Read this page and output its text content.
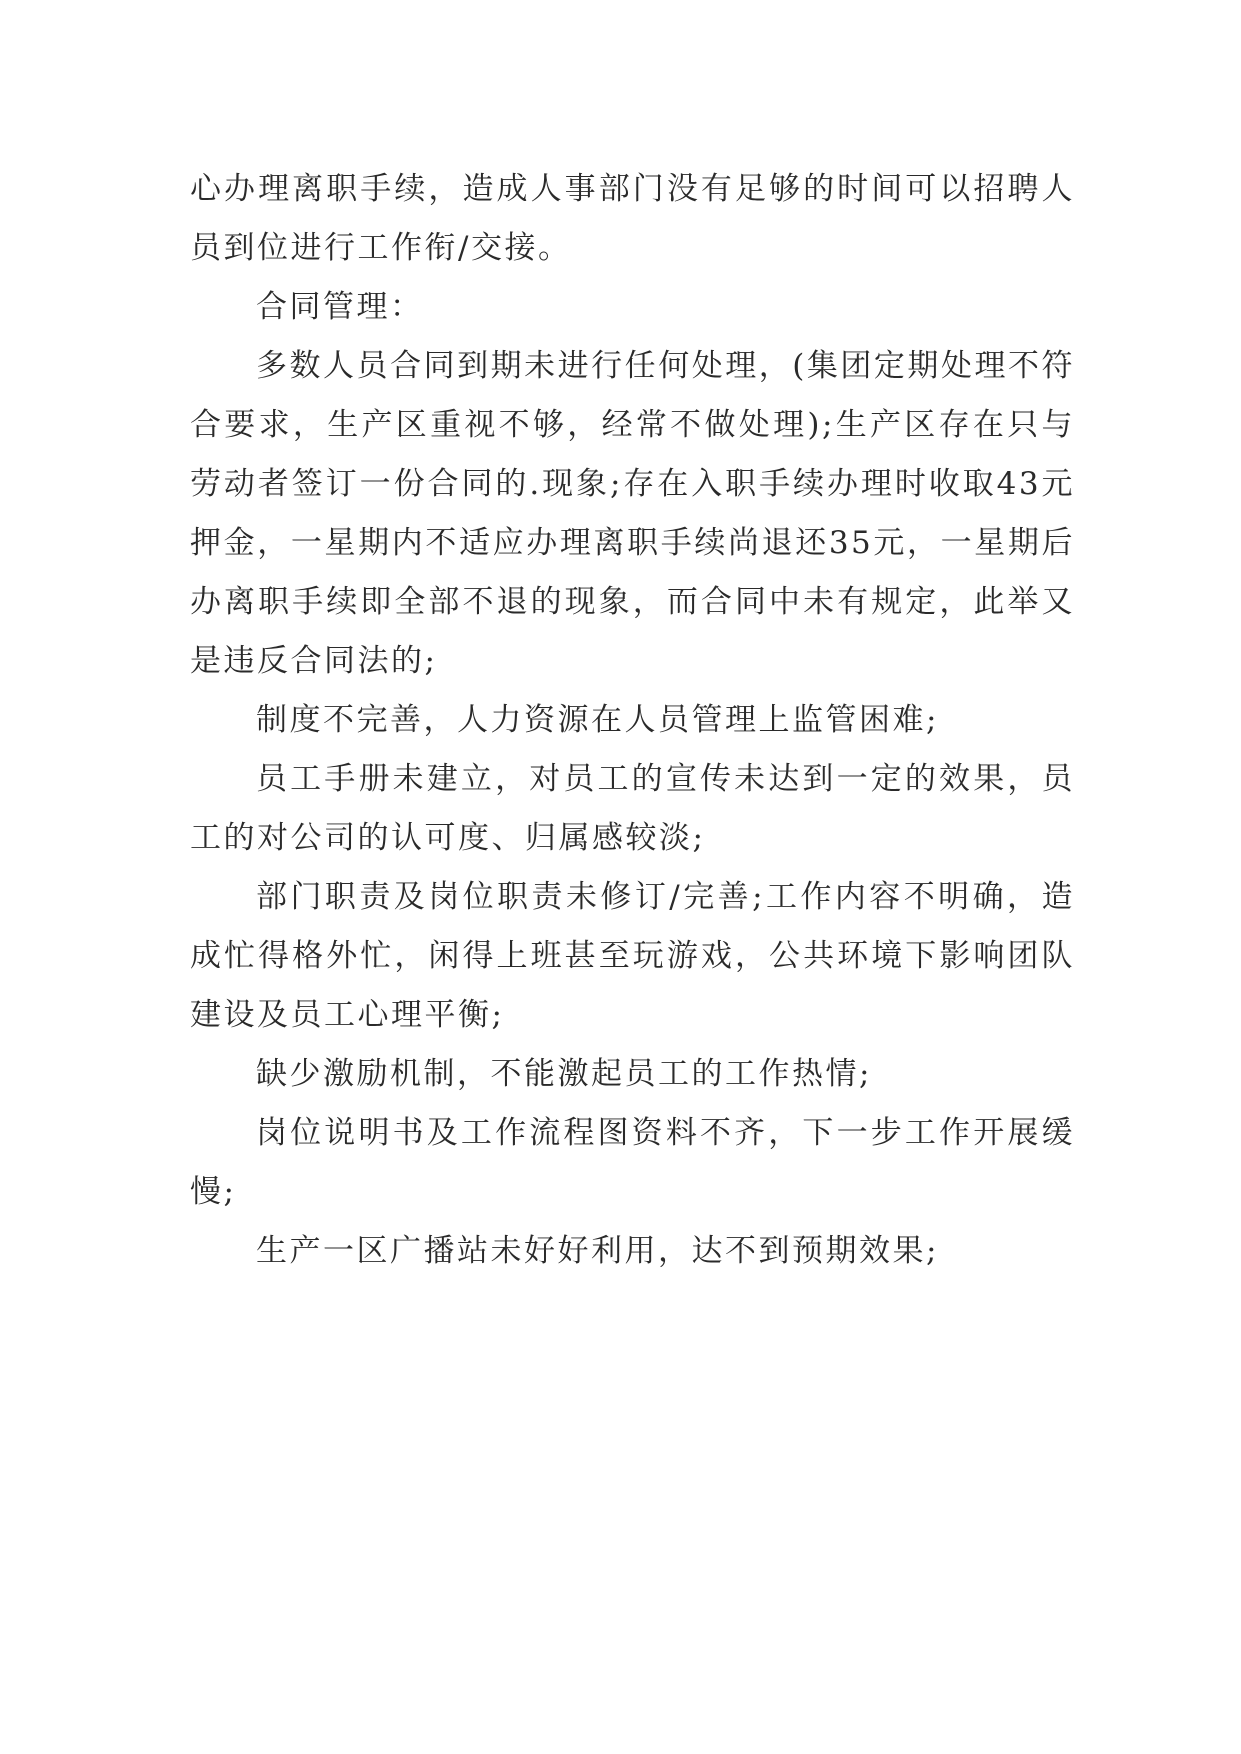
心办理离职手续，造成人事部门没有足够的时间可以招聘人员到位进行工作衔/交接。

合同管理：

多数人员合同到期未进行任何处理，(集团定期处理不符合要求，生产区重视不够，经常不做处理);生产区存在只与劳动者签订一份合同的.现象;存在入职手续办理时收取43元押金，一星期内不适应办理离职手续尚退还35元，一星期后办离职手续即全部不退的现象，而合同中未有规定，此举又是违反合同法的;

制度不完善，人力资源在人员管理上监管困难;

员工手册未建立，对员工的宣传未达到一定的效果，员工的对公司的认可度、归属感较淡;

部门职责及岗位职责未修订/完善;工作内容不明确，造成忙得格外忙，闲得上班甚至玩游戏，公共环境下影响团队建设及员工心理平衡;

缺少激励机制，不能激起员工的工作热情;

岗位说明书及工作流程图资料不齐，下一步工作开展缓慢;

生产一区广播站未好好利用，达不到预期效果;
